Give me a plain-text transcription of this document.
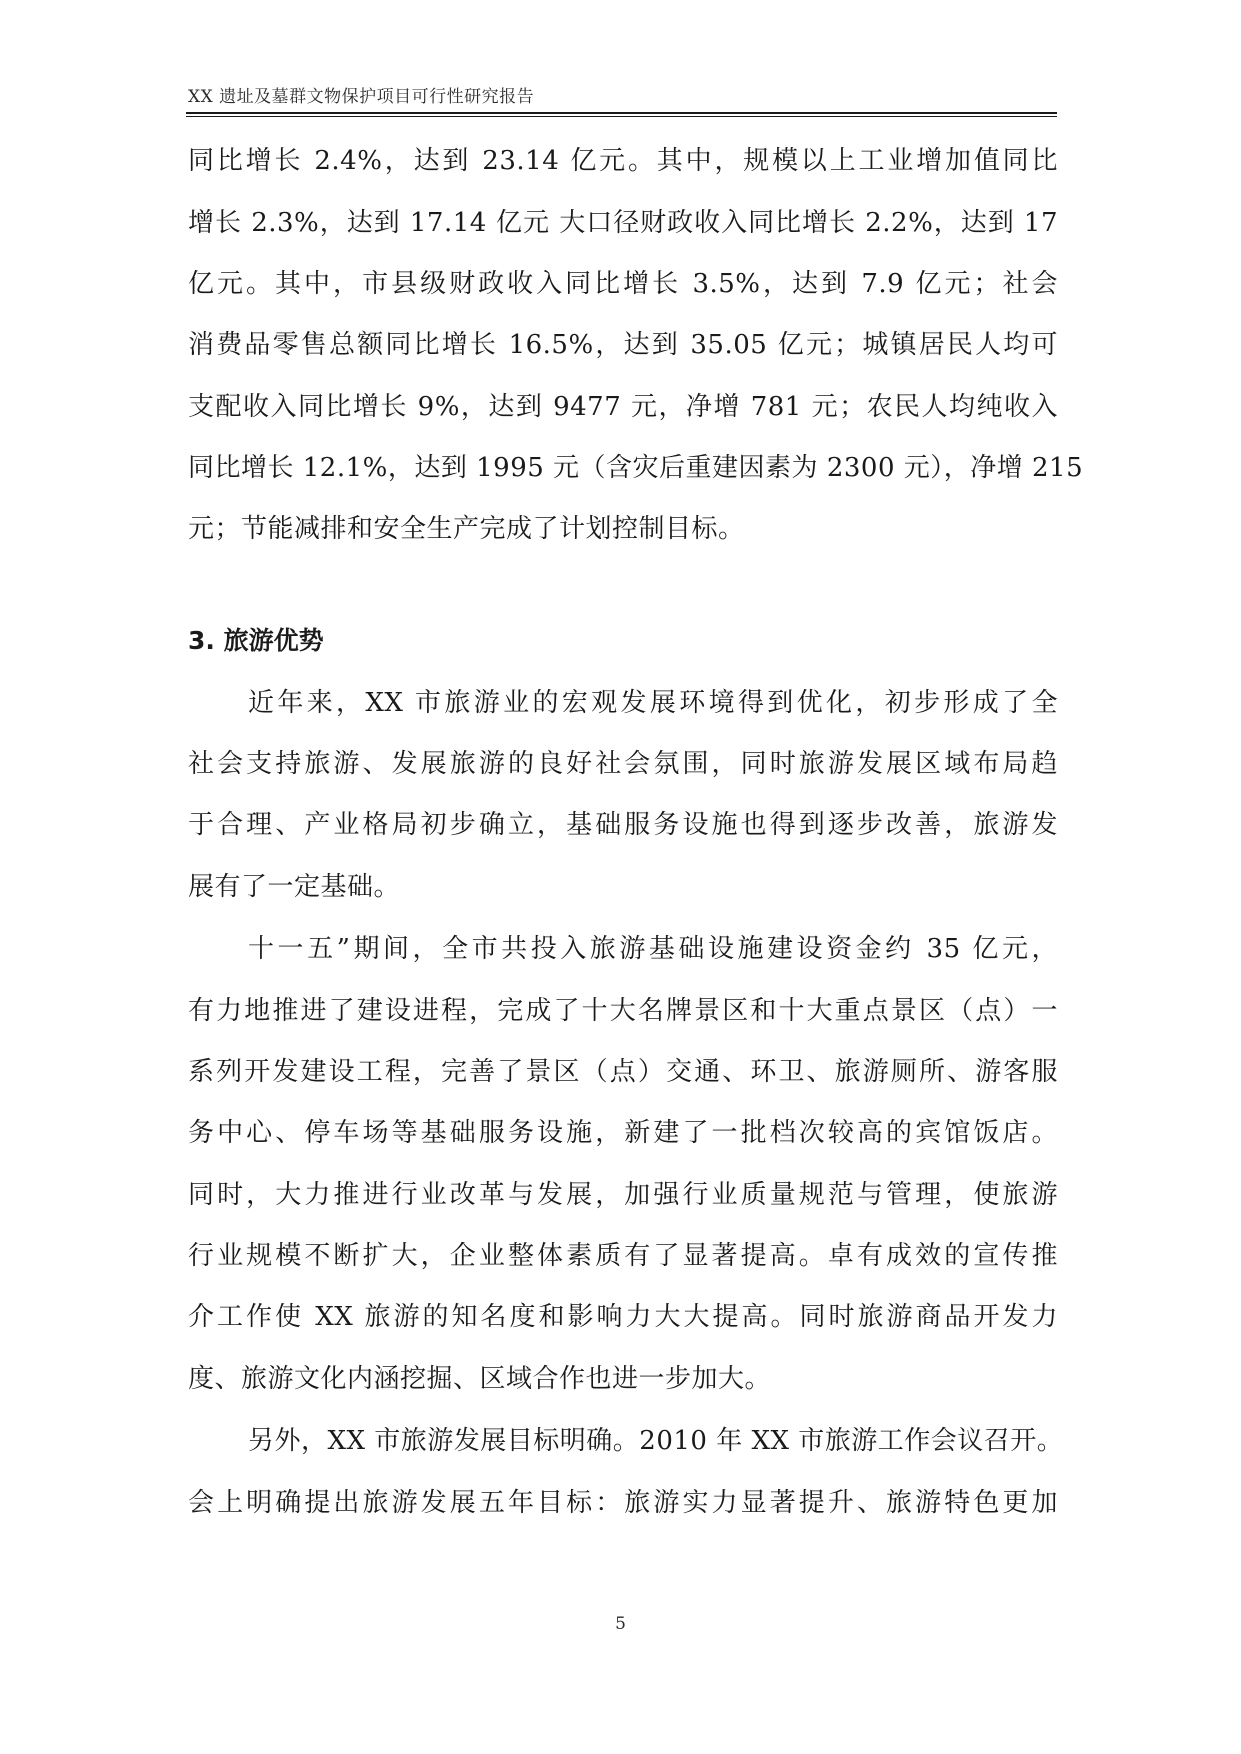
XX 遗址及墓群文物保护项目可行性研究报告
同比增长 2.4%，达到 23.14 亿元。其中，规模以上工业增加值同比
增长 2.3%，达到 17.14 亿元 大口径财政收入同比增长 2.2%，达到 17
亿元。其中，市县级财政收入同比增长 3.5%，达到 7.9 亿元；社会
消费品零售总额同比增长 16.5%，达到 35.05 亿元；城镇居民人均可
支配收入同比增长 9%，达到 9477 元，净增 781 元；农民人均纯收入
同比增长 12.1%，达到 1995 元（含灾后重建因素为 2300 元），净增 215
元；节能减排和安全生产完成了计划控制目标。
3. 旅游优势
近年来，XX 市旅游业的宏观发展环境得到优化，初步形成了全
社会支持旅游、发展旅游的良好社会氛围，同时旅游发展区域布局趋
于合理、产业格局初步确立，基础服务设施也得到逐步改善，旅游发
展有了一定基础。
十一五”期间，全市共投入旅游基础设施建设资金约 35 亿元，
有力地推进了建设进程，完成了十大名牌景区和十大重点景区（点）一
系列开发建设工程，完善了景区（点）交通、环卫、旅游厕所、游客服
务中心、停车场等基础服务设施，新建了一批档次较高的宾馆饭店。
同时，大力推进行业改革与发展，加强行业质量规范与管理，使旅游
行业规模不断扩大，企业整体素质有了显著提高。卓有成效的宣传推
介工作使 XX 旅游的知名度和影响力大大提高。同时旅游商品开发力
度、旅游文化内涵挖掘、区域合作也进一步加大。
另外，XX 市旅游发展目标明确。2010 年 XX 市旅游工作会议召开。
会上明确提出旅游发展五年目标：旅游实力显著提升、旅游特色更加
5
